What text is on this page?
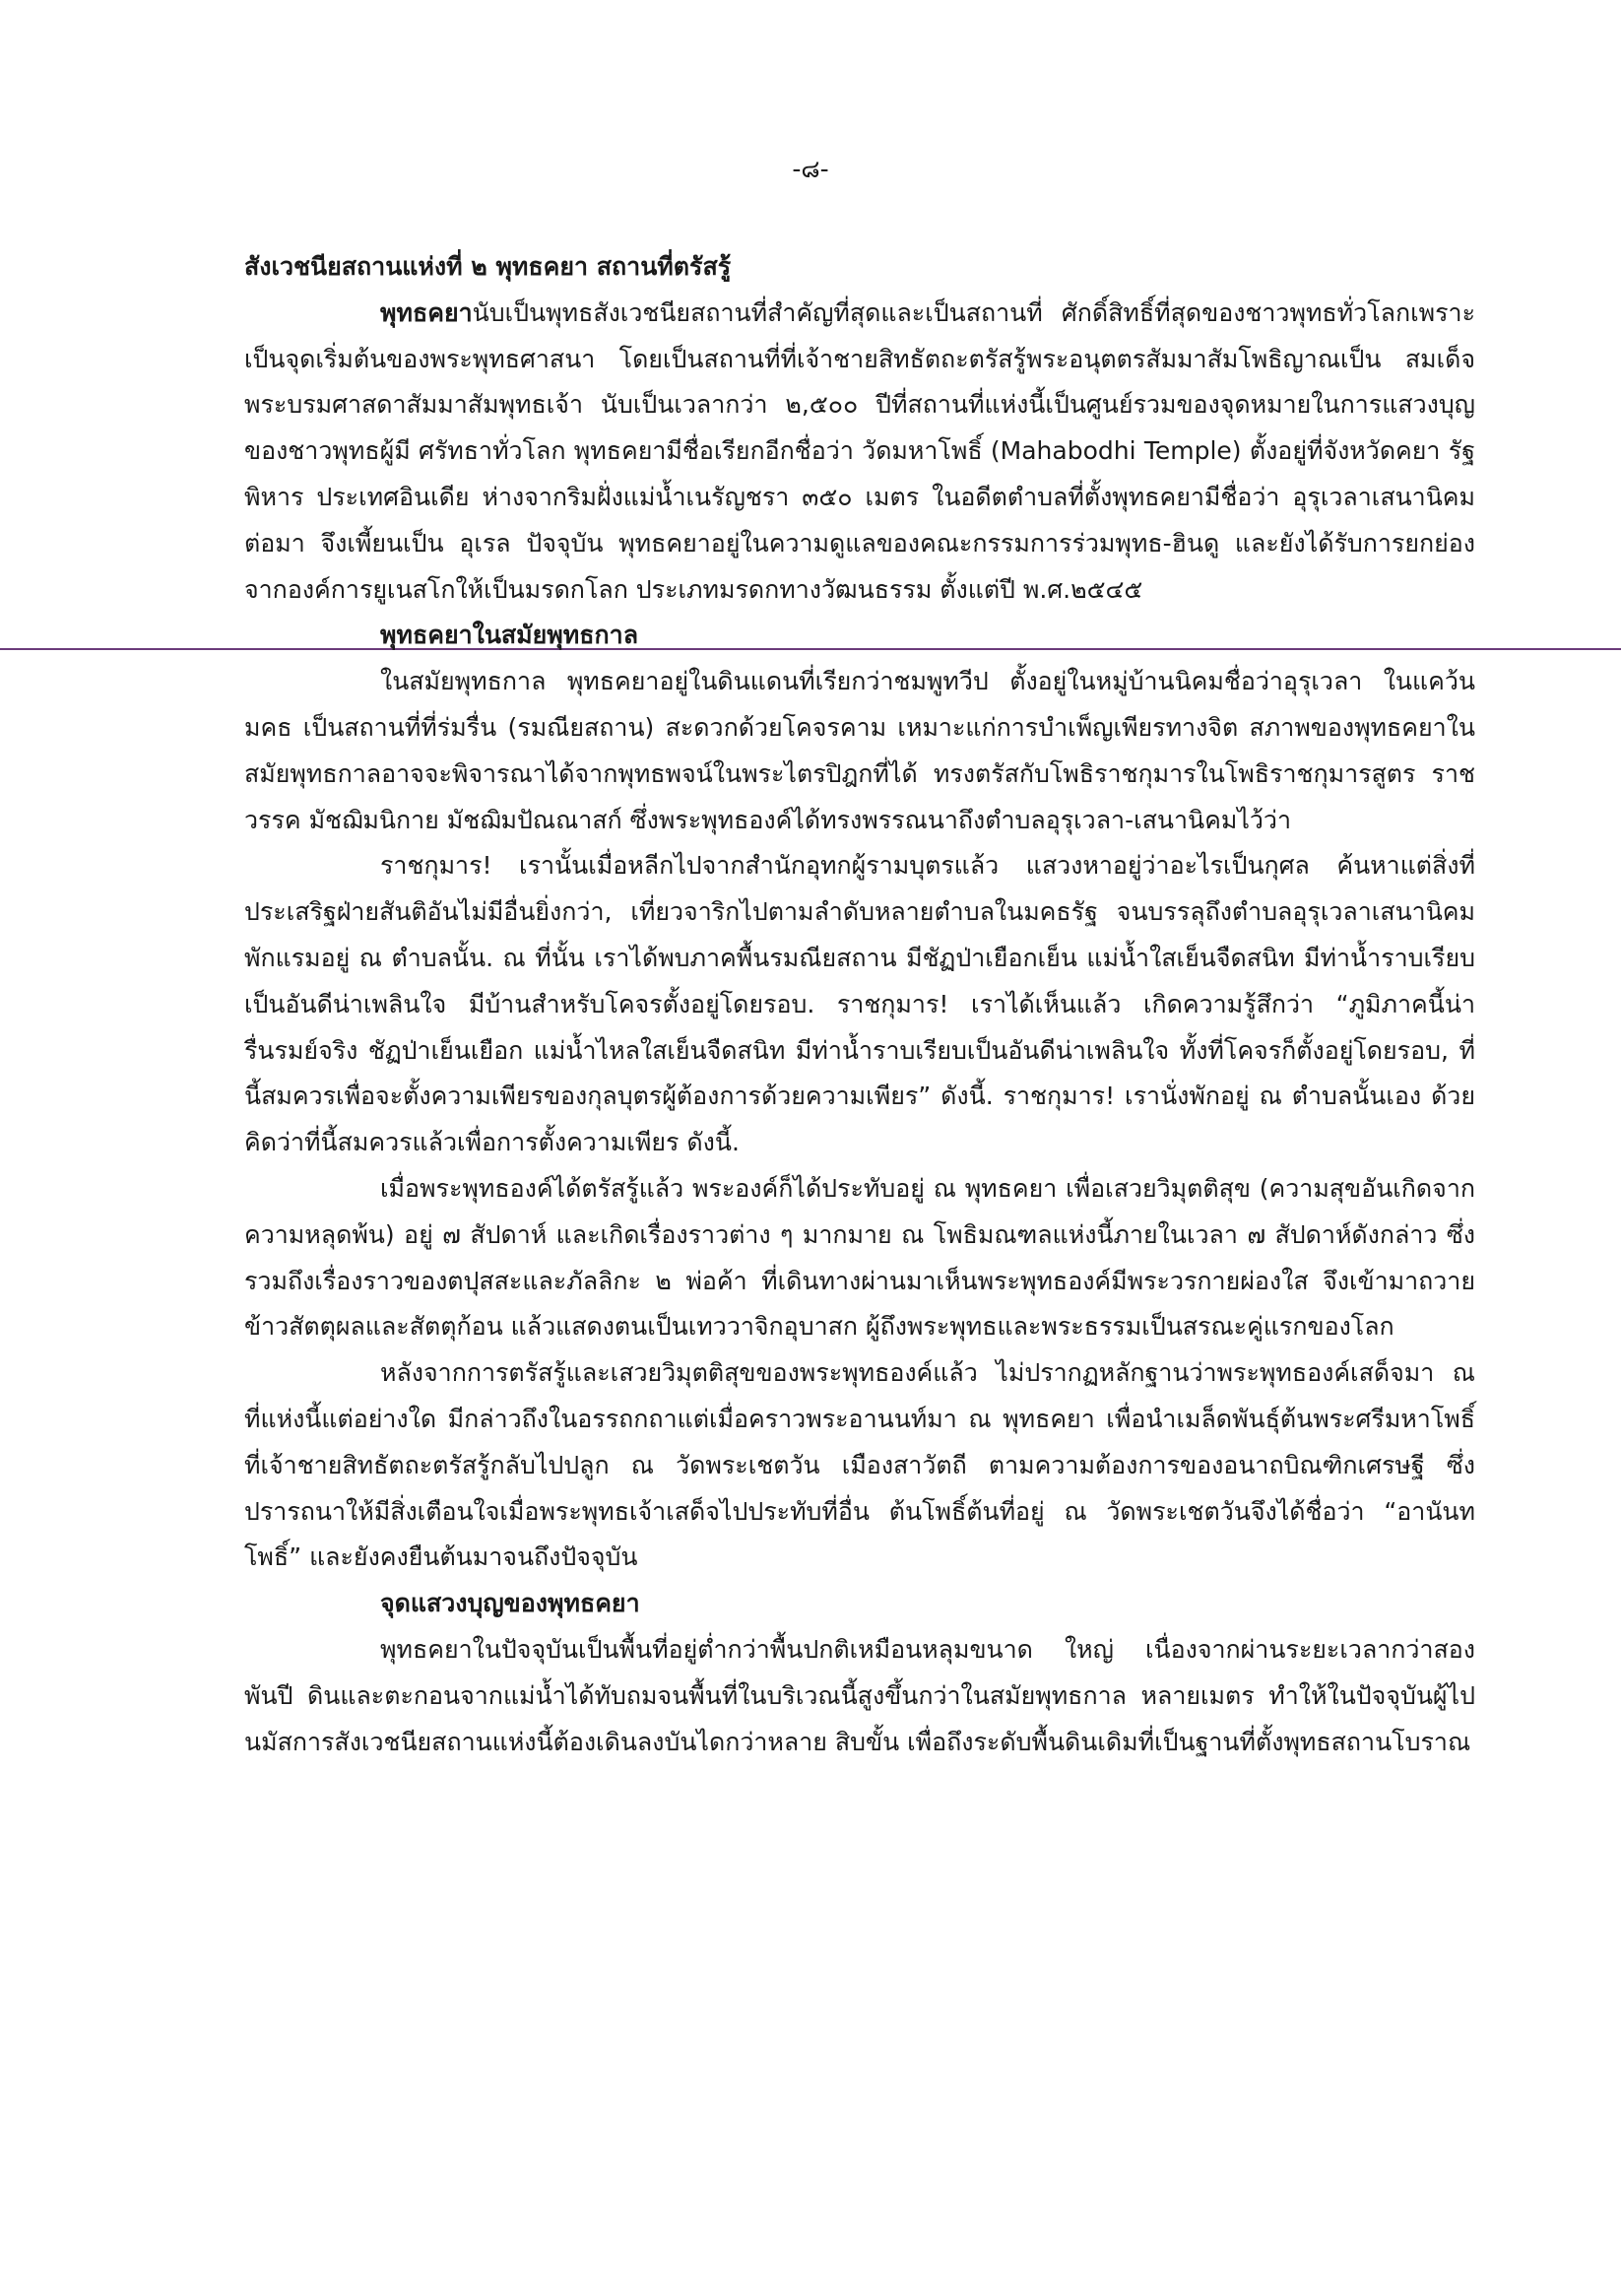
-๘-

สังเวชนียสถานแห่งที่ ๒ พุทธคยา สถานที่ตรัสรู้

พุทธคยานับเป็นพุทธสังเวชนียสถานที่สำคัญที่สุดและเป็นสถานที่ ศักดิ์สิทธิ์ที่สุดของชาวพุทธทั่วโลกเพราะเป็นจุดเริ่มต้นของพระพุทธศาสนา โดยเป็นสถานที่ที่เจ้าชายสิทธัตถะตรัสรู้พระอนุตตรสัมมาสัมโพธิญาณเป็น สมเด็จพระบรมศาสดาสัมมาสัมพุทธเจ้า นับเป็นเวลากว่า ๒,๕๐๐ ปีที่สถานที่แห่งนี้เป็นศูนย์รวมของจุดหมายในการแสวงบุญของชาวพุทธผู้มี ศรัทธาทั่วโลก พุทธคยามีชื่อเรียกอีกชื่อว่า วัดมหาโพธิ์ (Mahabodhi Temple) ตั้งอยู่ที่จังหวัดคยา รัฐพิหาร ประเทศอินเดีย ห่างจากริมฝั่งแม่น้ำเนรัญชรา ๓๕๐ เมตร ในอดีตตำบลที่ตั้งพุทธคยามีชื่อว่า อุรุเวลาเสนานิคม ต่อมา จึงเพี้ยนเป็น อุเรล ปัจจุบัน พุทธคยาอยู่ในความดูแลของคณะกรรมการร่วมพุทธ-ฮินดู และยังได้รับการยกย่องจากองค์การยูเนสโกให้เป็นมรดกโลก ประเภทมรดกทางวัฒนธรรม ตั้งแต่ปี พ.ศ.๒๕๔๕

พุทธคยาในสมัยพุทธกาล

ในสมัยพุทธกาล พุทธคยาอยู่ในดินแดนที่เรียกว่าชมพูทวีป ตั้งอยู่ในหมู่บ้านนิคมชื่อว่าอุรุเวลา ในแคว้นมคธ เป็นสถานที่ที่ร่มรื่น (รมณียสถาน) สะดวกด้วยโคจรคาม เหมาะแก่การบำเพ็ญเพียรทางจิต สภาพของพุทธคยาในสมัยพุทธกาลอาจจะพิจารณาได้จากพุทธพจน์ในพระไตรปิฎกที่ได้ ทรงตรัสกับโพธิราชกุมารในโพธิราชกุมารสูตร ราชวรรค มัชฌิมนิกาย มัชฌิมปัณณาสก์ ซึ่งพระพุทธองค์ได้ทรงพรรณนาถึงตำบลอุรุเวลา-เสนานิคมไว้ว่า

ราชกุมาร! เรานั้นเมื่อหลีกไปจากสำนักอุทกผู้รามบุตรแล้ว แสวงหาอยู่ว่าอะไรเป็นกุศล ค้นหาแต่สิ่งที่ประเสริฐฝ่ายสันติอันไม่มีอื่นยิ่งกว่า, เที่ยวจาริกไปตามลำดับหลายตำบลในมคธรัฐ จนบรรลุถึงตำบลอุรุเวลาเสนานิคม พักแรมอยู่ ณ ตำบลนั้น. ณ ที่นั้น เราได้พบภาคพื้นรมณียสถาน มีชัฏป่าเยือกเย็น แม่น้ำใสเย็นจืดสนิท มีท่าน้ำราบเรียบเป็นอันดีน่าเพลินใจ มีบ้านสำหรับโคจรตั้งอยู่โดยรอบ. ราชกุมาร! เราได้เห็นแล้ว เกิดความรู้สึกว่า “ภูมิภาคนี้น่ารื่นรมย์จริง ชัฏป่าเย็นเยือก แม่น้ำไหลใสเย็นจืดสนิท มีท่าน้ำราบเรียบเป็นอันดีน่าเพลินใจ ทั้งที่โคจรก็ตั้งอยู่โดยรอบ, ที่นี้สมควรเพื่อจะตั้งความเพียรของกุลบุตรผู้ต้องการด้วยความเพียร” ดังนี้. ราชกุมาร! เรานั่งพักอยู่ ณ ตำบลนั้นเอง ด้วยคิดว่าที่นี้สมควรแล้วเพื่อการตั้งความเพียร ดังนี้.

เมื่อพระพุทธองค์ได้ตรัสรู้แล้ว พระองค์ก็ได้ประทับอยู่ ณ พุทธคยา เพื่อเสวยวิมุตติสุข (ความสุขอันเกิดจากความหลุดพ้น) อยู่ ๗ สัปดาห์ และเกิดเรื่องราวต่าง ๆ มากมาย ณ โพธิมณฑลแห่งนี้ภายในเวลา ๗ สัปดาห์ดังกล่าว ซึ่งรวมถึงเรื่องราวของตปุสสะและภัลลิกะ ๒ พ่อค้า ที่เดินทางผ่านมาเห็นพระพุทธองค์มีพระวรกายผ่องใส จึงเข้ามาถวายข้าวสัตตุผลและสัตตุก้อน แล้วแสดงตนเป็นเทววาจิกอุบาสก ผู้ถึงพระพุทธและพระธรรมเป็นสรณะคู่แรกของโลก

หลังจากการตรัสรู้และเสวยวิมุตติสุขของพระพุทธองค์แล้ว ไม่ปรากฏหลักฐานว่าพระพุทธองค์เสด็จมา ณ ที่แห่งนี้แต่อย่างใด มีกล่าวถึงในอรรถกถาแต่เมื่อคราวพระอานนท์มา ณ พุทธคยา เพื่อนำเมล็ดพันธุ์ต้นพระศรีมหาโพธิ์ที่เจ้าชายสิทธัตถะตรัสรู้กลับไปปลูก ณ วัดพระเชตวัน เมืองสาวัตถี ตามความต้องการของอนาถบิณฑิกเศรษฐี ซึ่งปรารถนาให้มีสิ่งเตือนใจเมื่อพระพุทธเจ้าเสด็จไปประทับที่อื่น ต้นโพธิ์ต้นที่อยู่ ณ วัดพระเชตวันจึงได้ชื่อว่า “อานันทโพธิ์” และยังคงยืนต้นมาจนถึงปัจจุบัน

จุดแสวงบุญของพุทธคยา

พุทธคยาในปัจจุบันเป็นพื้นที่อยู่ต่ำกว่าพื้นปกติเหมือนหลุมขนาด ใหญ่ เนื่องจากผ่านระยะเวลากว่าสองพันปี ดินและตะกอนจากแม่น้ำได้ทับถมจนพื้นที่ในบริเวณนี้สูงขึ้นกว่าในสมัยพุทธกาล หลายเมตร ทำให้ในปัจจุบันผู้ไปนมัสการสังเวชนียสถานแห่งนี้ต้องเดินลงบันไดกว่าหลาย สิบขั้น เพื่อถึงระดับพื้นดินเดิมที่เป็นฐานที่ตั้งพุทธสถานโบราณ
